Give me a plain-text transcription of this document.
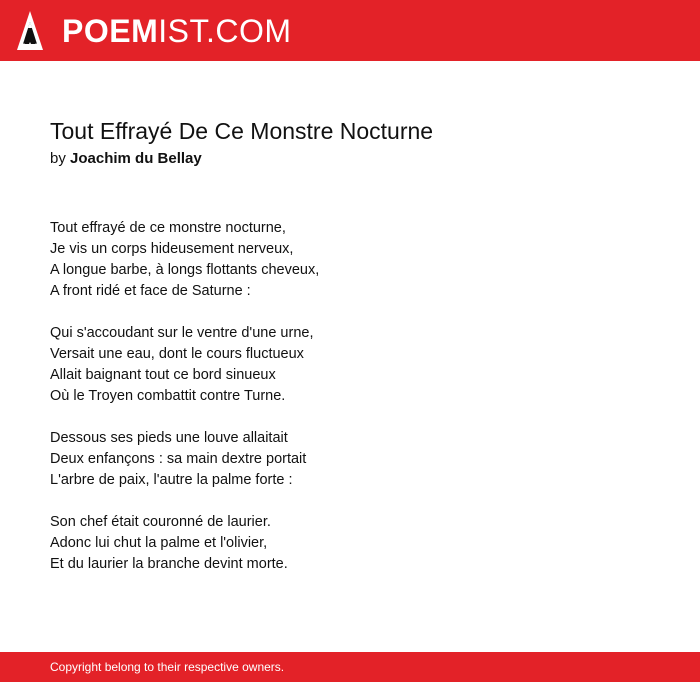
POEMIST.COM
Tout Effrayé De Ce Monstre Nocturne
by Joachim du Bellay
Tout effrayé de ce monstre nocturne,
Je vis un corps hideusement nerveux,
A longue barbe, à longs flottants cheveux,
A front ridé et face de Saturne :
Qui s'accoudant sur le ventre d'une urne,
Versait une eau, dont le cours fluctueux
Allait baignant tout ce bord sinueux
Où le Troyen combattit contre Turne.
Dessous ses pieds une louve allaitait
Deux enfançons : sa main dextre portait
L'arbre de paix, l'autre la palme forte :
Son chef était couronné de laurier.
Adonc lui chut la palme et l'olivier,
Et du laurier la branche devint morte.
Copyright belong to their respective owners.
